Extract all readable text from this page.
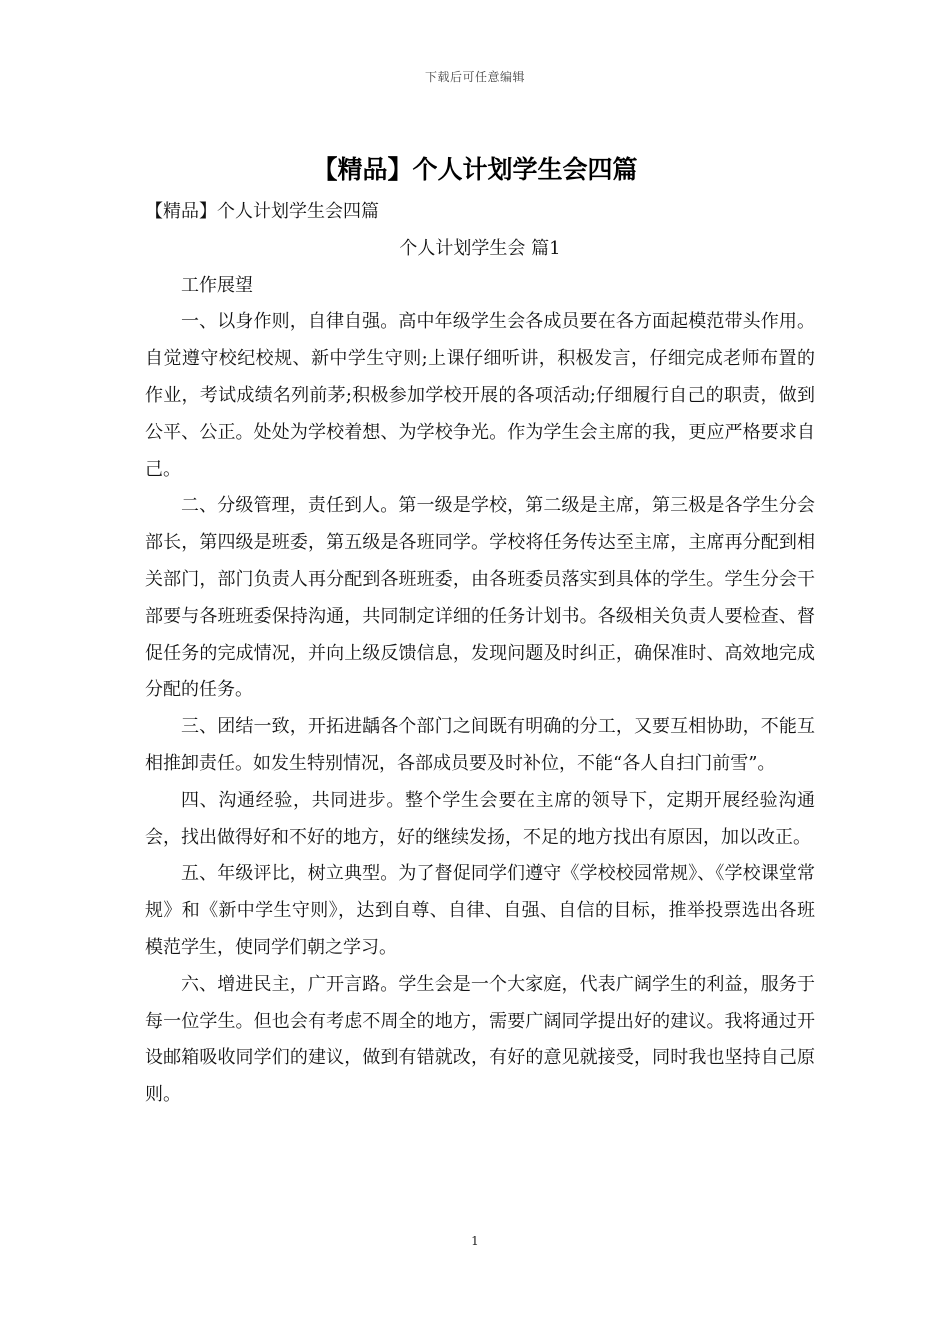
下载后可任意编辑
【精品】个人计划学生会四篇

【精品】个人计划学生会四篇

个人计划学生会 篇1

工作展望

一、以身作则，自律自强。高中年级学生会各成员要在各方面起模范带头作用。自觉遵守校纪校规、新中学生守则;上课仔细听讲，积极发言，仔细完成老师布置的作业，考试成绩名列前茅;积极参加学校开展的各项活动;仔细履行自己的职责，做到公平、公正。处处为学校着想、为学校争光。作为学生会主席的我，更应严格要求自己。

二、分级管理，责任到人。第一级是学校，第二级是主席，第三极是各学生分会部长，第四级是班委，第五级是各班同学。学校将任务传达至主席，主席再分配到相关部门，部门负责人再分配到各班班委，由各班委员落实到具体的学生。学生分会干部要与各班班委保持沟通，共同制定详细的任务计划书。各级相关负责人要检查、督促任务的完成情况，并向上级反馈信息，发现问题及时纠正，确保准时、高效地完成分配的任务。

三、团结一致，开拓进龋各个部门之间既有明确的分工，又要互相协助，不能互相推卸责任。如发生特别情况，各部成员要及时补位，不能“各人自扫门前雪”。

四、沟通经验，共同进步。整个学生会要在主席的领导下，定期开展经验沟通会，找出做得好和不好的地方，好的继续发扬，不足的地方找出有原因，加以改正。

五、年级评比，树立典型。为了督促同学们遵守《学校校园常规》、《学校课堂常规》和《新中学生守则》，达到自尊、自律、自强、自信的目标，推举投票选出各班模范学生，使同学们朝之学习。

六、增进民主，广开言路。学生会是一个大家庭，代表广阔学生的利益，服务于每一位学生。但也会有考虑不周全的地方，需要广阔同学提出好的建议。我将通过开设邮箱吸收同学们的建议，做到有错就改，有好的意见就接受，同时我也坚持自己原则。

1
